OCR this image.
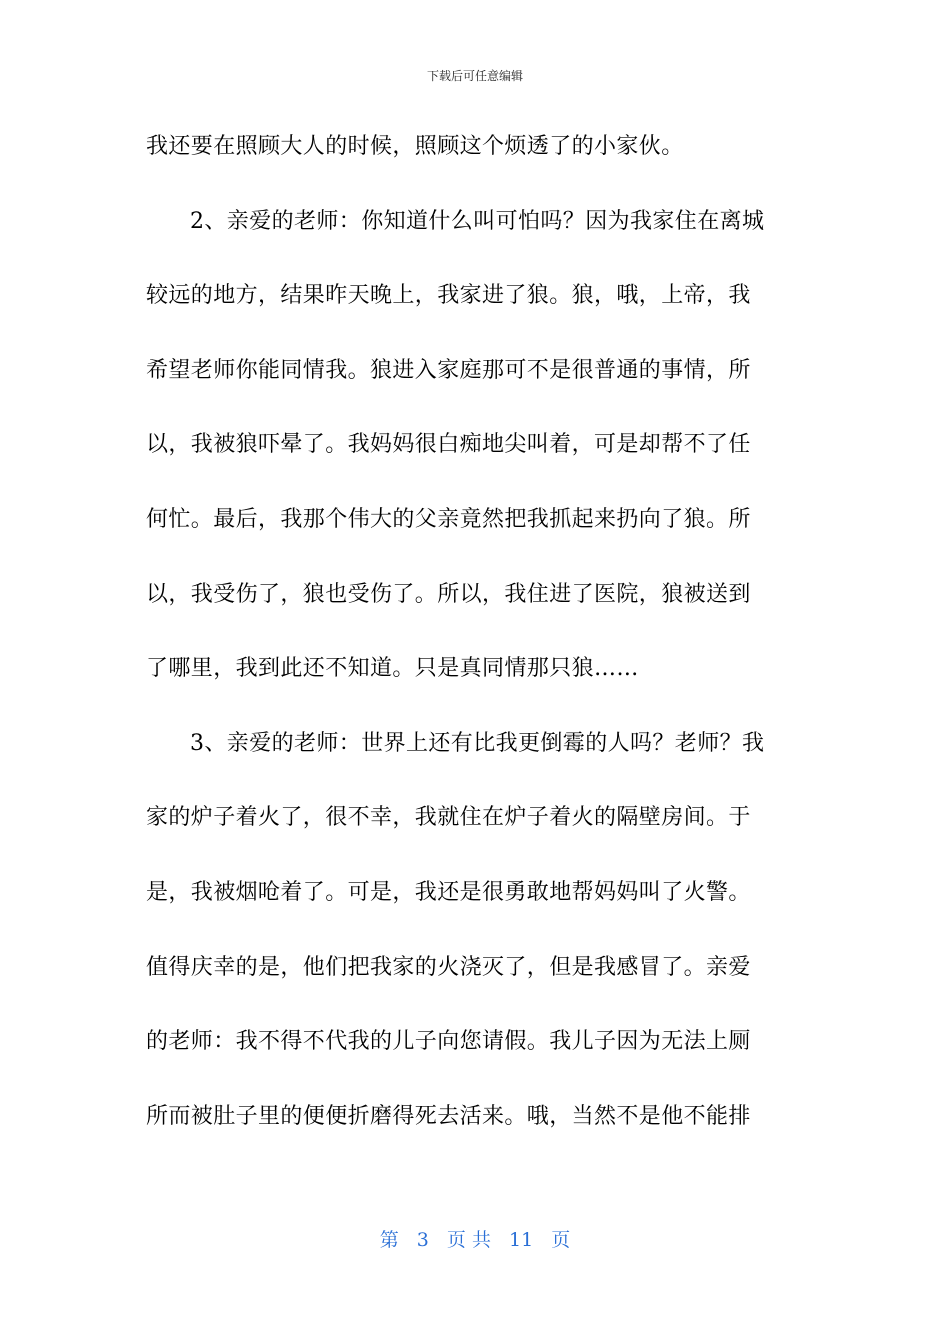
下载后可任意编辑
我还要在照顾大人的时候，照顾这个烦透了的小家伙。
2、亲爱的老师：你知道什么叫可怕吗？因为我家住在离城
较远的地方，结果昨天晚上，我家进了狼。狼，哦，上帝，我
希望老师你能同情我。狼进入家庭那可不是很普通的事情，所
以，我被狼吓晕了。我妈妈很白痴地尖叫着，可是却帮不了任
何忙。最后，我那个伟大的父亲竟然把我抓起来扔向了狼。所
以，我受伤了，狼也受伤了。所以，我住进了医院，狼被送到
了哪里，我到此还不知道。只是真同情那只狼……
3、亲爱的老师：世界上还有比我更倒霉的人吗？老师？我
家的炉子着火了，很不幸，我就住在炉子着火的隔壁房间。于
是，我被烟呛着了。可是，我还是很勇敢地帮妈妈叫了火警。
值得庆幸的是，他们把我家的火浇灭了，但是我感冒了。亲爱
的老师：我不得不代我的儿子向您请假。我儿子因为无法上厕
所而被肚子里的便便折磨得死去活来。哦，当然不是他不能排
第 3 页 共 11 页
